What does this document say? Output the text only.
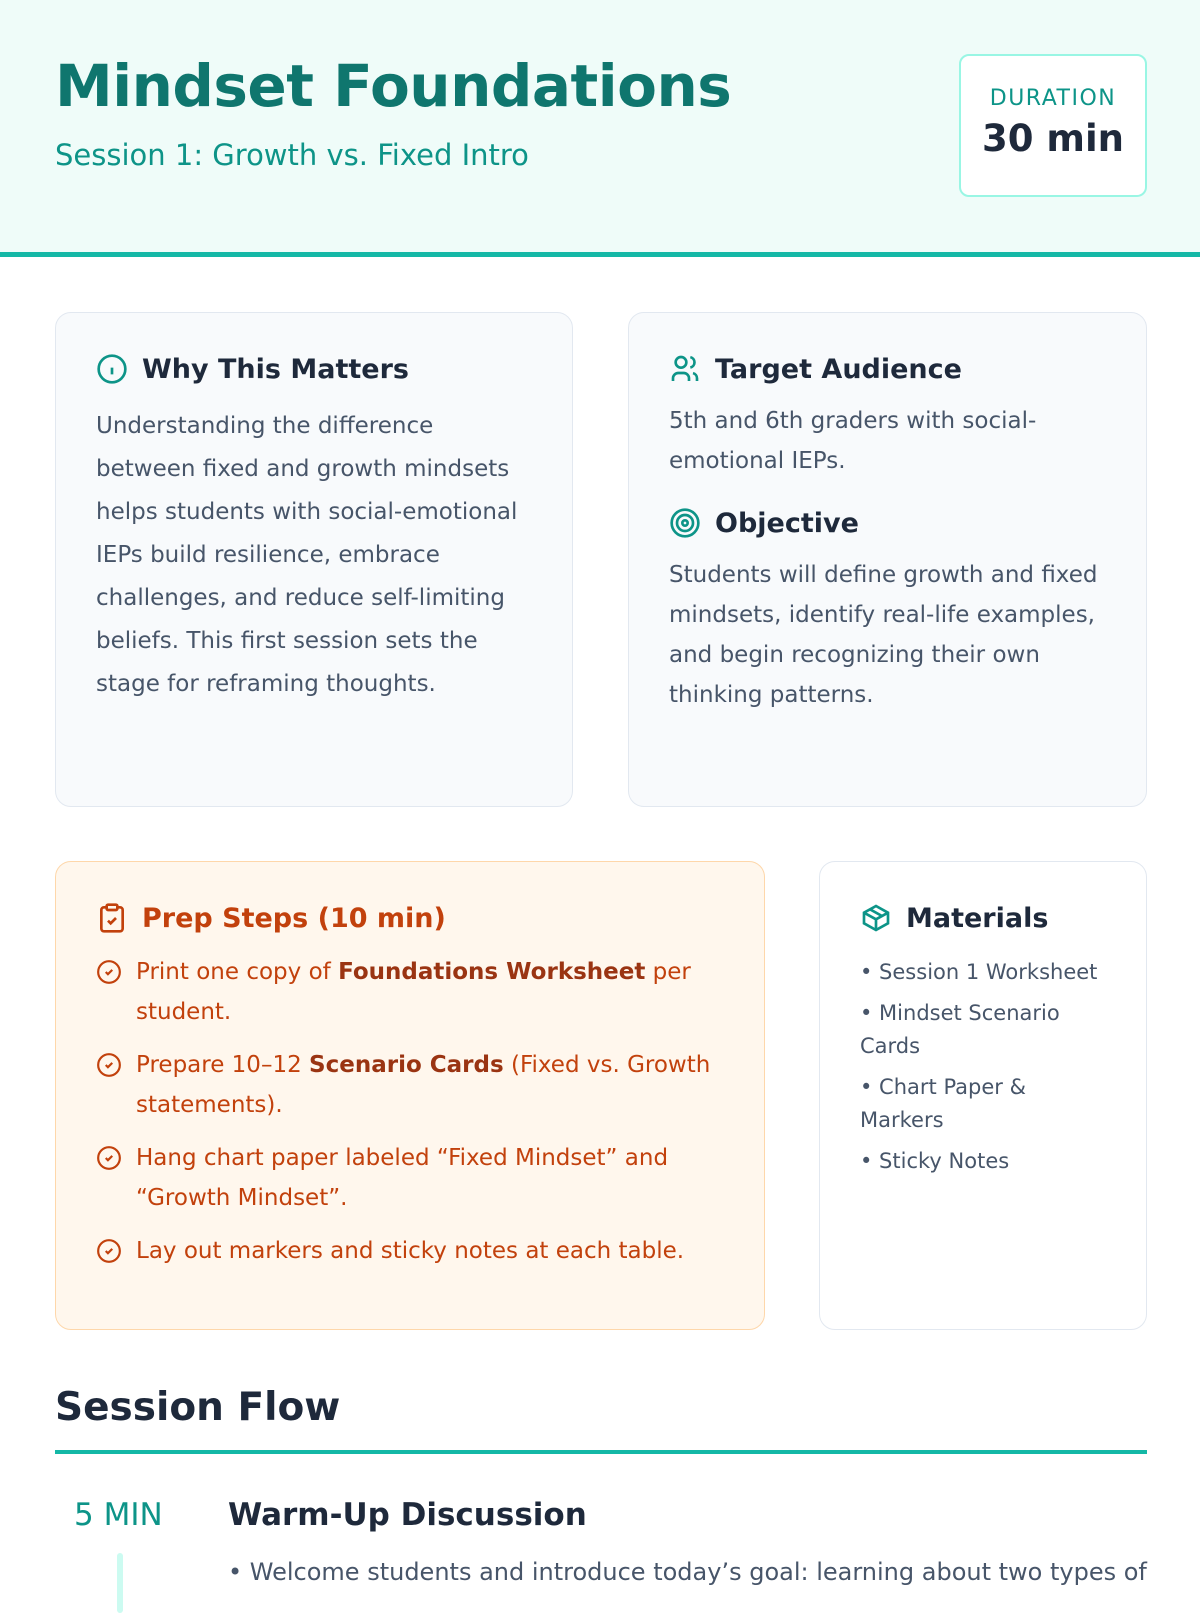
Mindset Foundations
Session 1: Growth vs. Fixed Intro
DURATION
30 min
Why This Matters

Understanding the difference between fixed and growth mindsets helps students with social-emotional IEPs build resilience, embrace challenges, and reduce self-limiting beliefs. This first session sets the stage for reframing thoughts.

Target Audience

5th and 6th graders with social-emotional IEPs.

Objective

Students will define growth and fixed mindsets, identify real-life examples, and begin recognizing their own thinking patterns.

Prep Steps (10 min)
Print one copy of Foundations Worksheet per student.
Prepare 10–12 Scenario Cards (Fixed vs. Growth statements).
Hang chart paper labeled “Fixed Mindset” and “Growth Mindset”.
Lay out markers and sticky notes at each table.
Materials
• Session 1 Worksheet
• Mindset Scenario Cards
• Chart Paper & Markers
• Sticky Notes
Session Flow
5 MIN Warm-Up Discussion
• Welcome students and introduce today’s goal: learning about two types of
